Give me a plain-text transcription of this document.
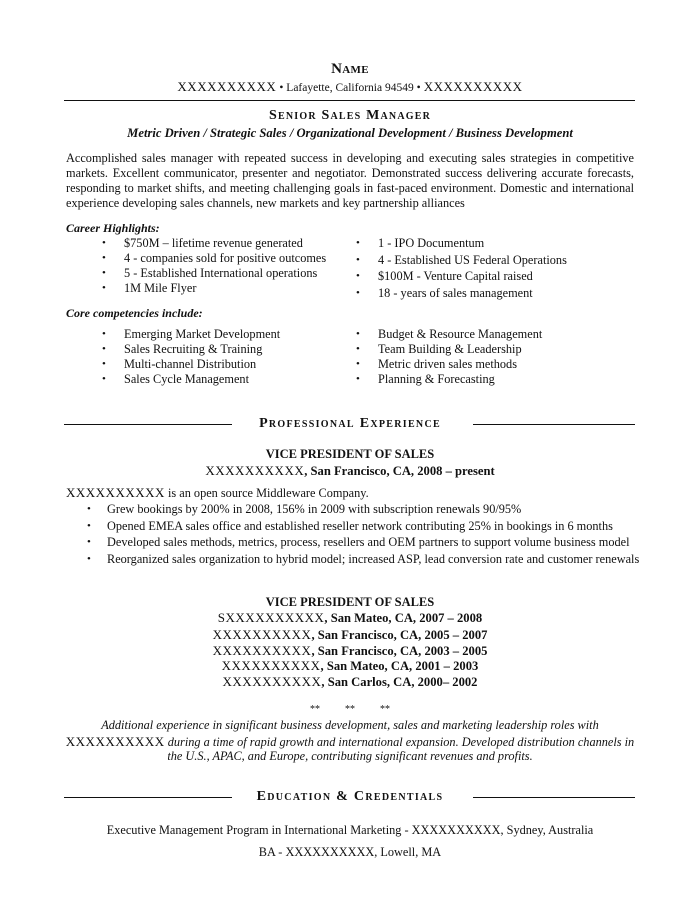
Name
XXXXXXXXXX • Lafayette, California 94549 • XXXXXXXXXX
Senior Sales Manager
Metric Driven / Strategic Sales / Organizational Development / Business Development
Accomplished sales manager with repeated success in developing and executing sales strategies in competitive markets. Excellent communicator, presenter and negotiator. Demonstrated success delivering accurate forecasts, responding to market shifts, and meeting challenging goals in fast-paced environment. Domestic and international experience developing sales channels, new markets and key partnership alliances
Career Highlights:
• $750M – lifetime revenue generated
• 4 - companies sold for positive outcomes
• 5 - Established International operations
• 1M Mile Flyer
• 1 - IPO Documentum
• 4 - Established US Federal Operations
• $100M - Venture Capital raised
• 18 - years of sales management
Core competencies include:
• Emerging Market Development
• Sales Recruiting & Training
• Multi-channel Distribution
• Sales Cycle Management
• Budget & Resource Management
• Team Building & Leadership
• Metric driven sales methods
• Planning & Forecasting
Professional Experience
VICE PRESIDENT OF SALES
XXXXXXXXXX, San Francisco, CA, 2008 – present
XXXXXXXXXX is an open source Middleware Company.
• Grew bookings by 200% in 2008, 156% in 2009 with subscription renewals 90/95%
• Opened EMEA sales office and established reseller network contributing 25% in bookings in 6 months
• Developed sales methods, metrics, process, resellers and OEM partners to support volume business model
• Reorganized sales organization to hybrid model; increased ASP, lead conversion rate and customer renewals
VICE PRESIDENT OF SALES
SXXXXXXXXXX, San Mateo, CA, 2007 – 2008
XXXXXXXXXX, San Francisco, CA, 2005 – 2007
XXXXXXXXXX, San Francisco, CA, 2003 – 2005
XXXXXXXXXX, San Mateo, CA, 2001 – 2003
XXXXXXXXXX, San Carlos, CA, 2000– 2002
**          **          **
Additional experience in significant business development, sales and marketing leadership roles with
XXXXXXXXXX during a time of rapid growth and international expansion. Developed distribution channels in
the U.S., APAC, and Europe, contributing significant revenues and profits.
Education & Credentials
Executive Management Program in International Marketing - XXXXXXXXXX, Sydney, Australia
BA - XXXXXXXXXX, Lowell, MA
